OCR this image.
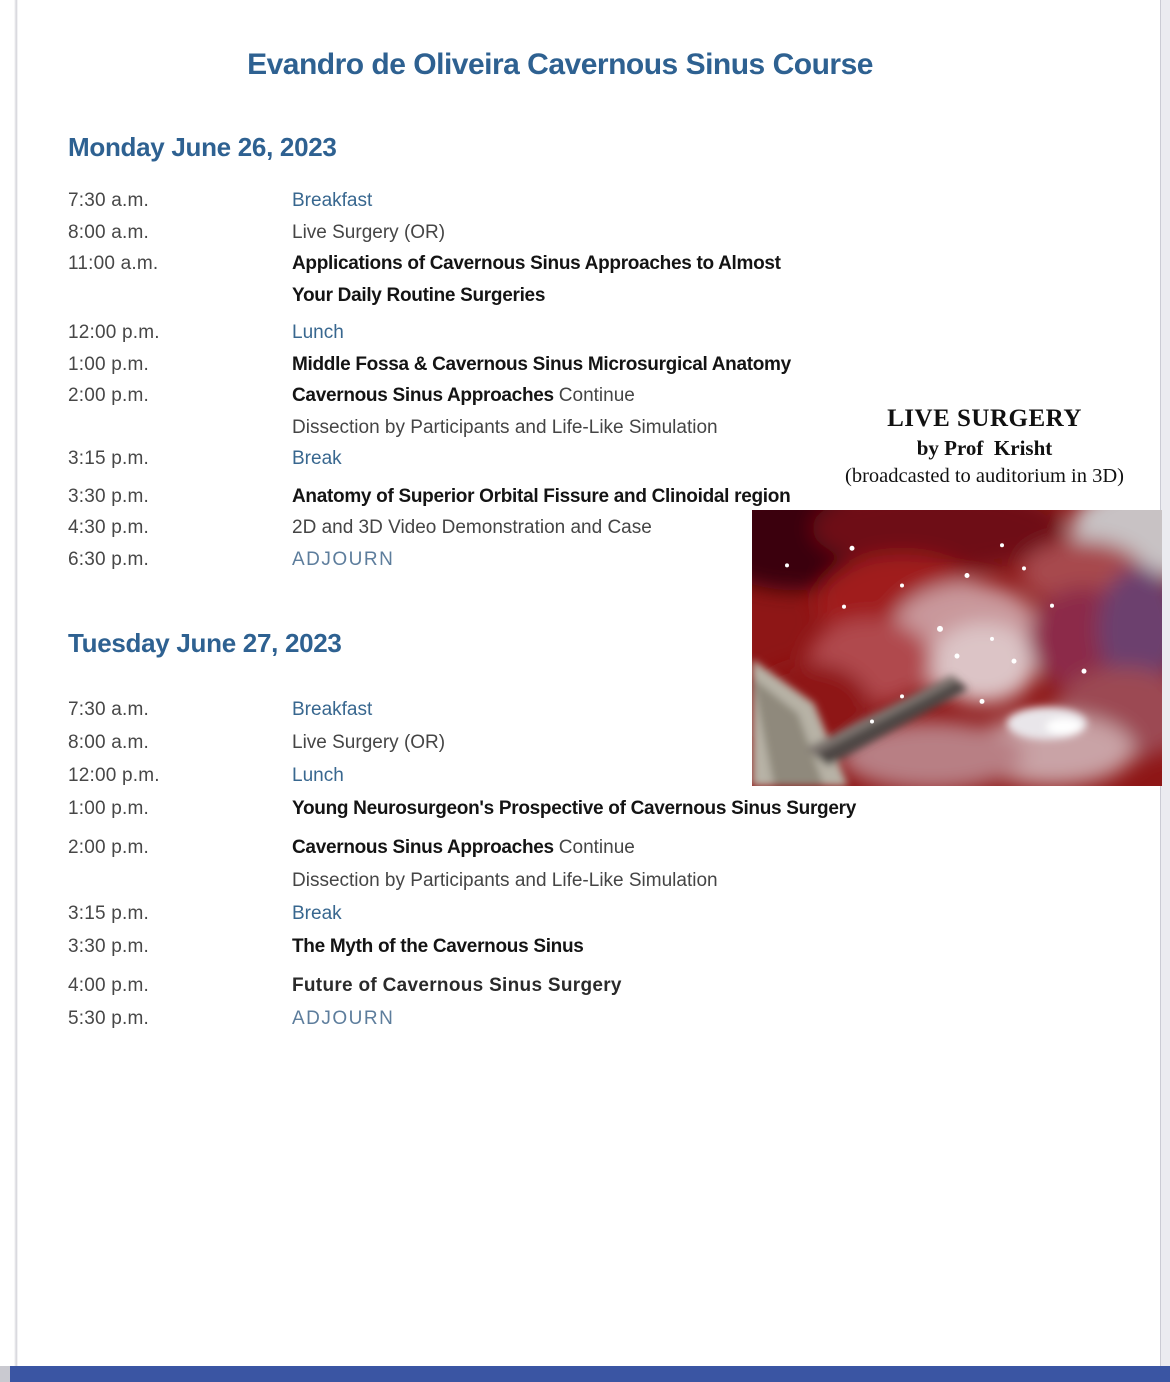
Evandro de Oliveira Cavernous Sinus Course
Monday June 26, 2023
7:30 a.m.	Breakfast
8:00 a.m.	Live Surgery (OR)
11:00 a.m.	Applications of Cavernous Sinus Approaches to Almost
Your Daily Routine Surgeries
12:00 p.m.	Lunch
1:00 p.m.	Middle Fossa & Cavernous Sinus Microsurgical Anatomy
2:00 p.m.	Cavernous Sinus Approaches Continue
Dissection by Participants and Life-Like Simulation
3:15 p.m.	Break
3:30 p.m.	Anatomy of Superior Orbital Fissure and Clinoidal region
4:30 p.m.	2D and 3D Video Demonstration and Case
6:30 p.m.	ADJOURN
LIVE SURGERY
by Prof  Krisht
(broadcasted to auditorium in 3D)
Tuesday June 27, 2023
7:30 a.m.	Breakfast
8:00 a.m.	Live Surgery (OR)
12:00 p.m.	Lunch
1:00 p.m.	Young Neurosurgeon's Prospective of Cavernous Sinus Surgery
2:00 p.m.	Cavernous Sinus Approaches Continue
Dissection by Participants and Life-Like Simulation
3:15 p.m.	Break
3:30 p.m.	The Myth of the Cavernous Sinus
4:00 p.m.	Future of Cavernous Sinus Surgery
5:30 p.m.	ADJOURN
